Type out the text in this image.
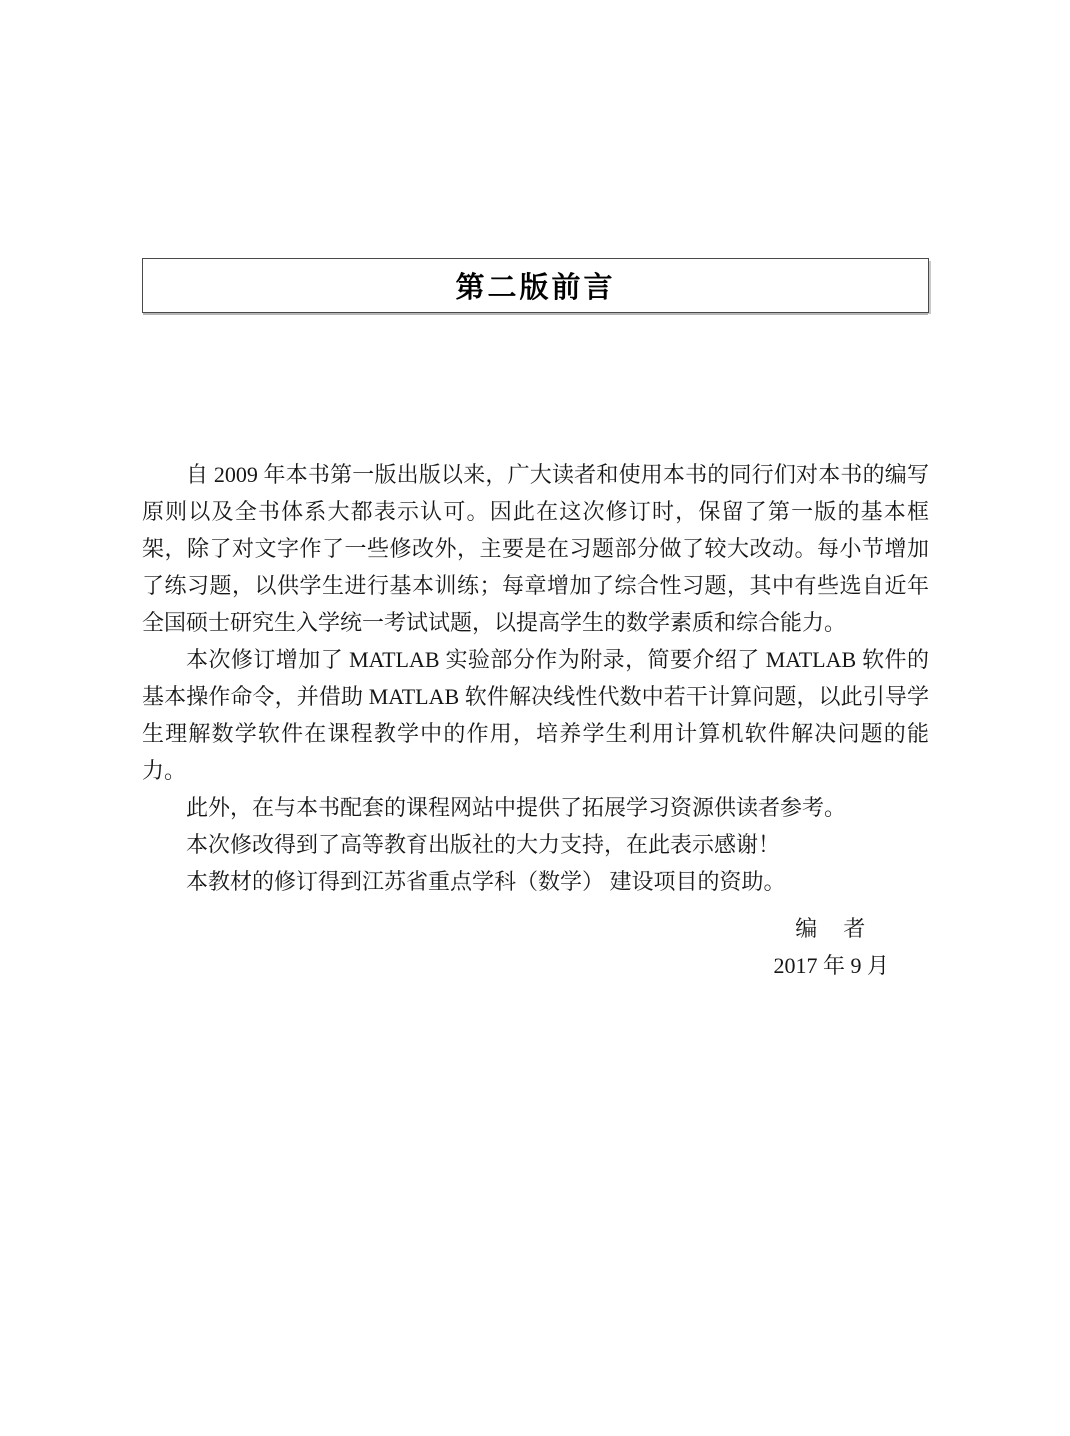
第二版前言

自 2009 年本书第一版出版以来，广大读者和使用本书的同行们对本书的编写原则以及全书体系大都表示认可。因此在这次修订时，保留了第一版的基本框架，除了对文字作了一些修改外，主要是在习题部分做了较大改动。每小节增加了练习题，以供学生进行基本训练；每章增加了综合性习题，其中有些选自近年全国硕士研究生入学统一考试试题，以提高学生的数学素质和综合能力。

本次修订增加了 MATLAB 实验部分作为附录，简要介绍了 MATLAB 软件的基本操作命令，并借助 MATLAB 软件解决线性代数中若干计算问题，以此引导学生理解数学软件在课程教学中的作用，培养学生利用计算机软件解决问题的能力。

此外，在与本书配套的课程网站中提供了拓展学习资源供读者参考。

本次修改得到了高等教育出版社的大力支持，在此表示感谢！

本教材的修订得到江苏省重点学科（数学） 建设项目的资助。

编　者
2017 年 9 月
